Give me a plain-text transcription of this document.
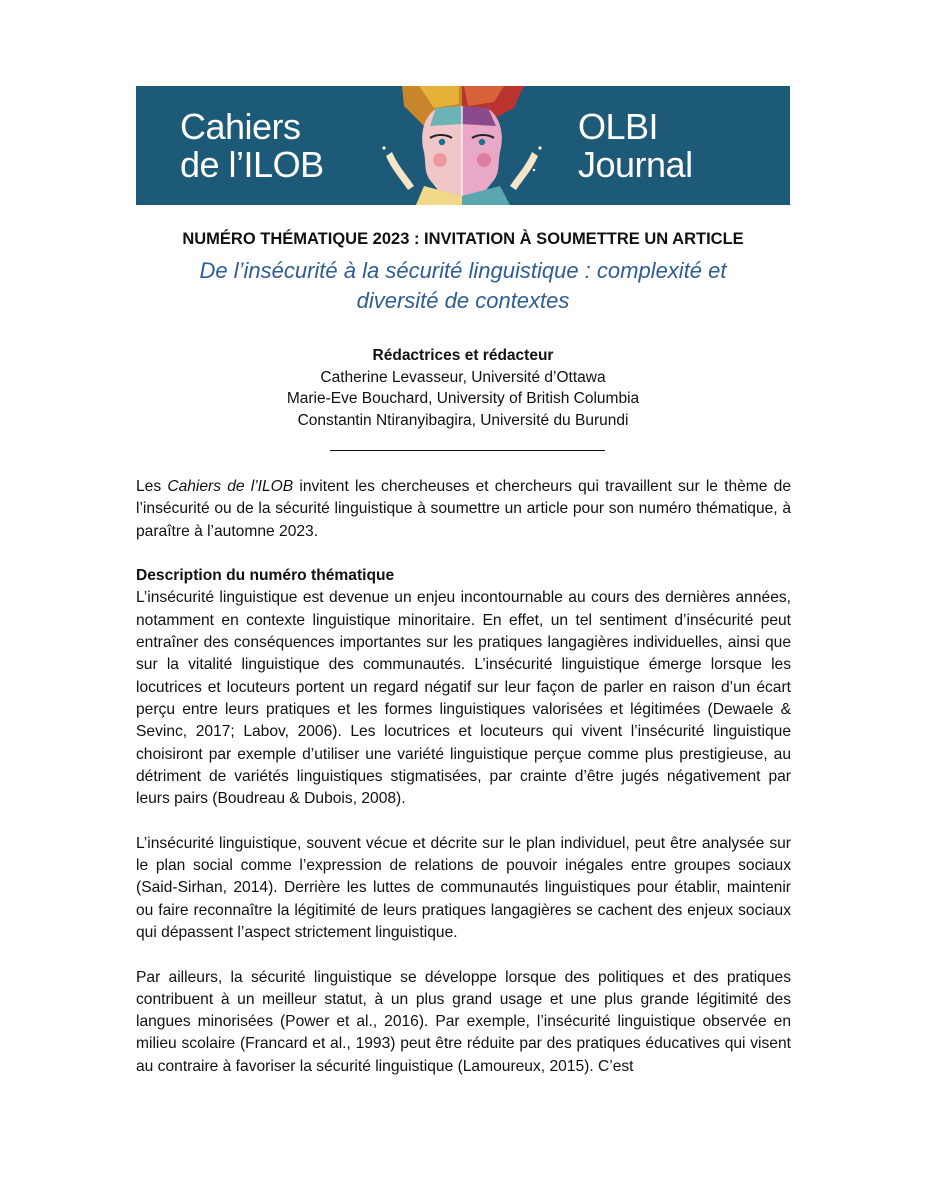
Cahiers
de l’ILOB
OLBI
Journal
NUMÉRO THÉMATIQUE 2023 : INVITATION À SOUMETTRE UN ARTICLE
De l’insécurité à la sécurité linguistique : complexité et
diversité de contextes
Rédactrices et rédacteur
Catherine Levasseur, Université d’Ottawa
Marie-Eve Bouchard, University of British Columbia
Constantin Ntiranyibagira, Université du Burundi

Les Cahiers de l’ILOB invitent les chercheuses et chercheurs qui travaillent sur le thème de l’insécurité ou de la sécurité linguistique à soumettre un article pour son numéro thématique, à paraître à l’automne 2023.

Description du numéro thématique

L’insécurité linguistique est devenue un enjeu incontournable au cours des dernières années, notamment en contexte linguistique minoritaire. En effet, un tel sentiment d’insécurité peut entraîner des conséquences importantes sur les pratiques langagières individuelles, ainsi que sur la vitalité linguistique des communautés. L’insécurité linguistique émerge lorsque les locutrices et locuteurs portent un regard négatif sur leur façon de parler en raison d’un écart perçu entre leurs pratiques et les formes linguistiques valorisées et légitimées (Dewaele & Sevinc, 2017; Labov, 2006). Les locutrices et locuteurs qui vivent l’insécurité linguistique choisiront par exemple d’utiliser une variété linguistique perçue comme plus prestigieuse, au détriment de variétés linguistiques stigmatisées, par crainte d’être jugés négativement par leurs pairs (Boudreau & Dubois, 2008).

L’insécurité linguistique, souvent vécue et décrite sur le plan individuel, peut être analysée sur le plan social comme l’expression de relations de pouvoir inégales entre groupes sociaux (Said-Sirhan, 2014). Derrière les luttes de communautés linguistiques pour établir, maintenir ou faire reconnaître la légitimité de leurs pratiques langagières se cachent des enjeux sociaux qui dépassent l’aspect strictement linguistique.

Par ailleurs, la sécurité linguistique se développe lorsque des politiques et des pratiques contribuent à un meilleur statut, à un plus grand usage et une plus grande légitimité des langues minorisées (Power et al., 2016). Par exemple, l’insécurité linguistique observée en milieu scolaire (Francard et al., 1993) peut être réduite par des pratiques éducatives qui visent au contraire à favoriser la sécurité linguistique (Lamoureux, 2015). C’est
